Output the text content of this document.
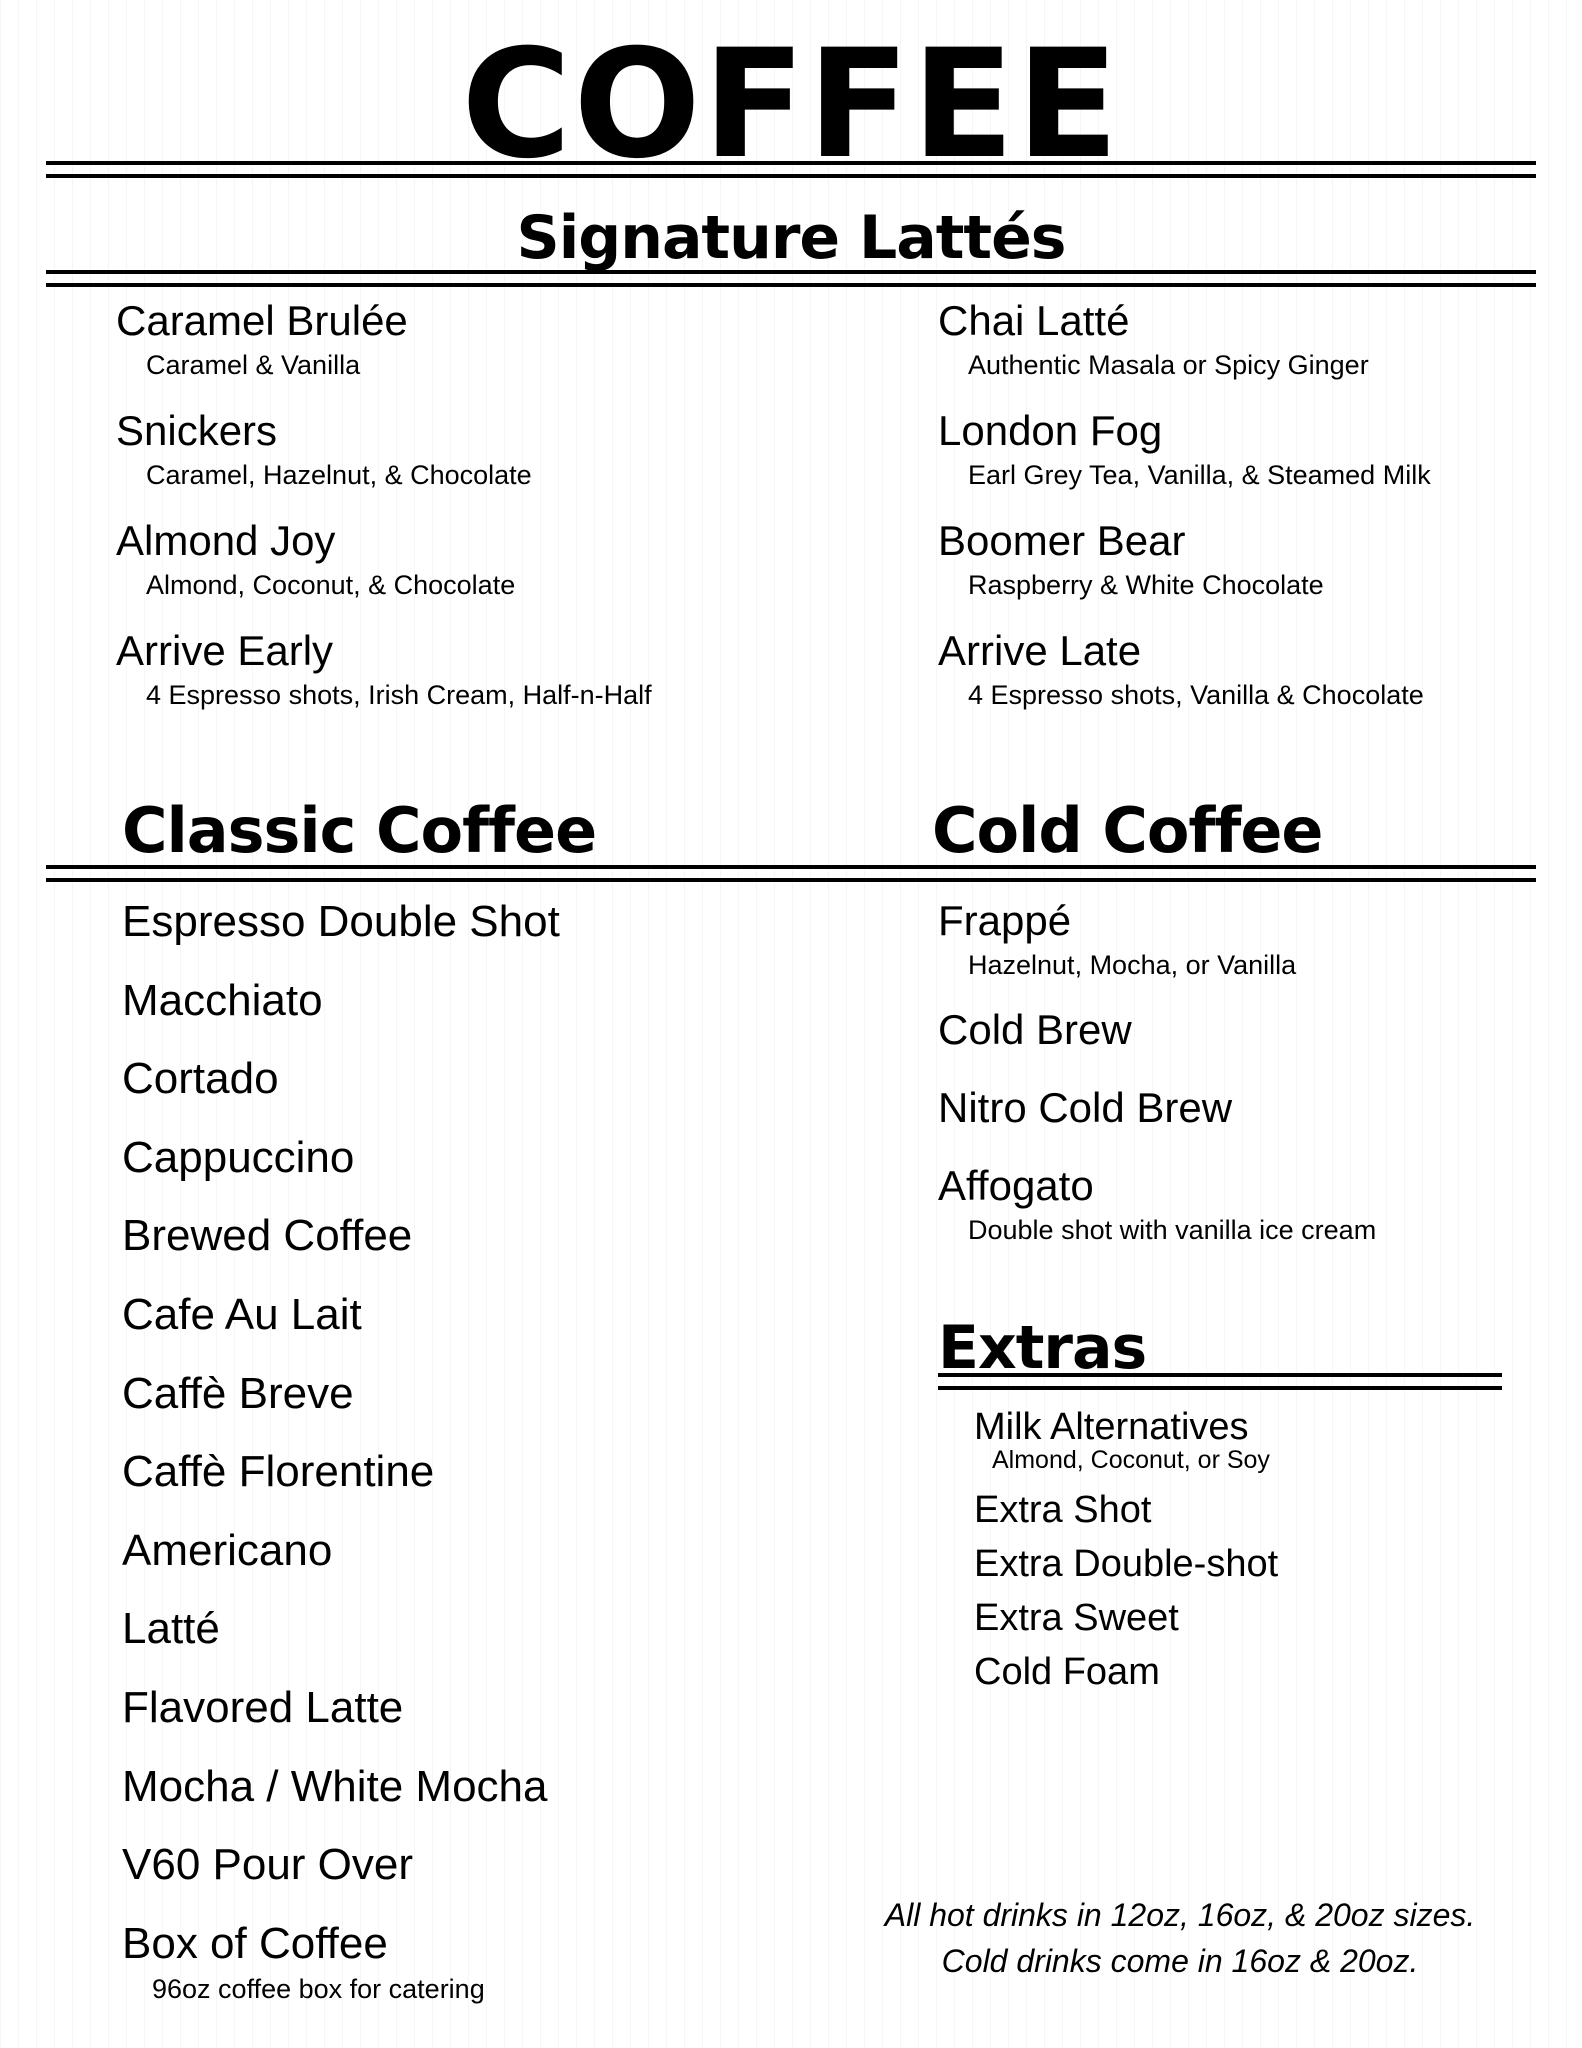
COFFEE
Signature Lattés
Caramel Brulée
Caramel & Vanilla
Snickers
Caramel, Hazelnut, & Chocolate
Almond Joy
Almond, Coconut, & Chocolate
Arrive Early
4 Espresso shots, Irish Cream, Half-n-Half
Chai Latté
Authentic Masala or Spicy Ginger
London Fog
Earl Grey Tea, Vanilla, & Steamed Milk
Boomer Bear
Raspberry & White Chocolate
Arrive Late
4 Espresso shots, Vanilla & Chocolate
Classic Coffee	Cold Coffee
Espresso Double Shot
Macchiato
Cortado
Cappuccino
Brewed Coffee
Cafe Au Lait
Caffè Breve
Caffè Florentine
Americano
Latté
Flavored Latte
Mocha / White Mocha
V60 Pour Over
Box of Coffee
96oz coffee box for catering
Frappé
Hazelnut, Mocha, or Vanilla
Cold Brew
Nitro Cold Brew
Affogato
Double shot with vanilla ice cream
Extras
Milk Alternatives
Almond, Coconut, or Soy
Extra Shot
Extra Double-shot
Extra Sweet
Cold Foam
All hot drinks in 12oz, 16oz, & 20oz sizes.
Cold drinks come in 16oz & 20oz.
